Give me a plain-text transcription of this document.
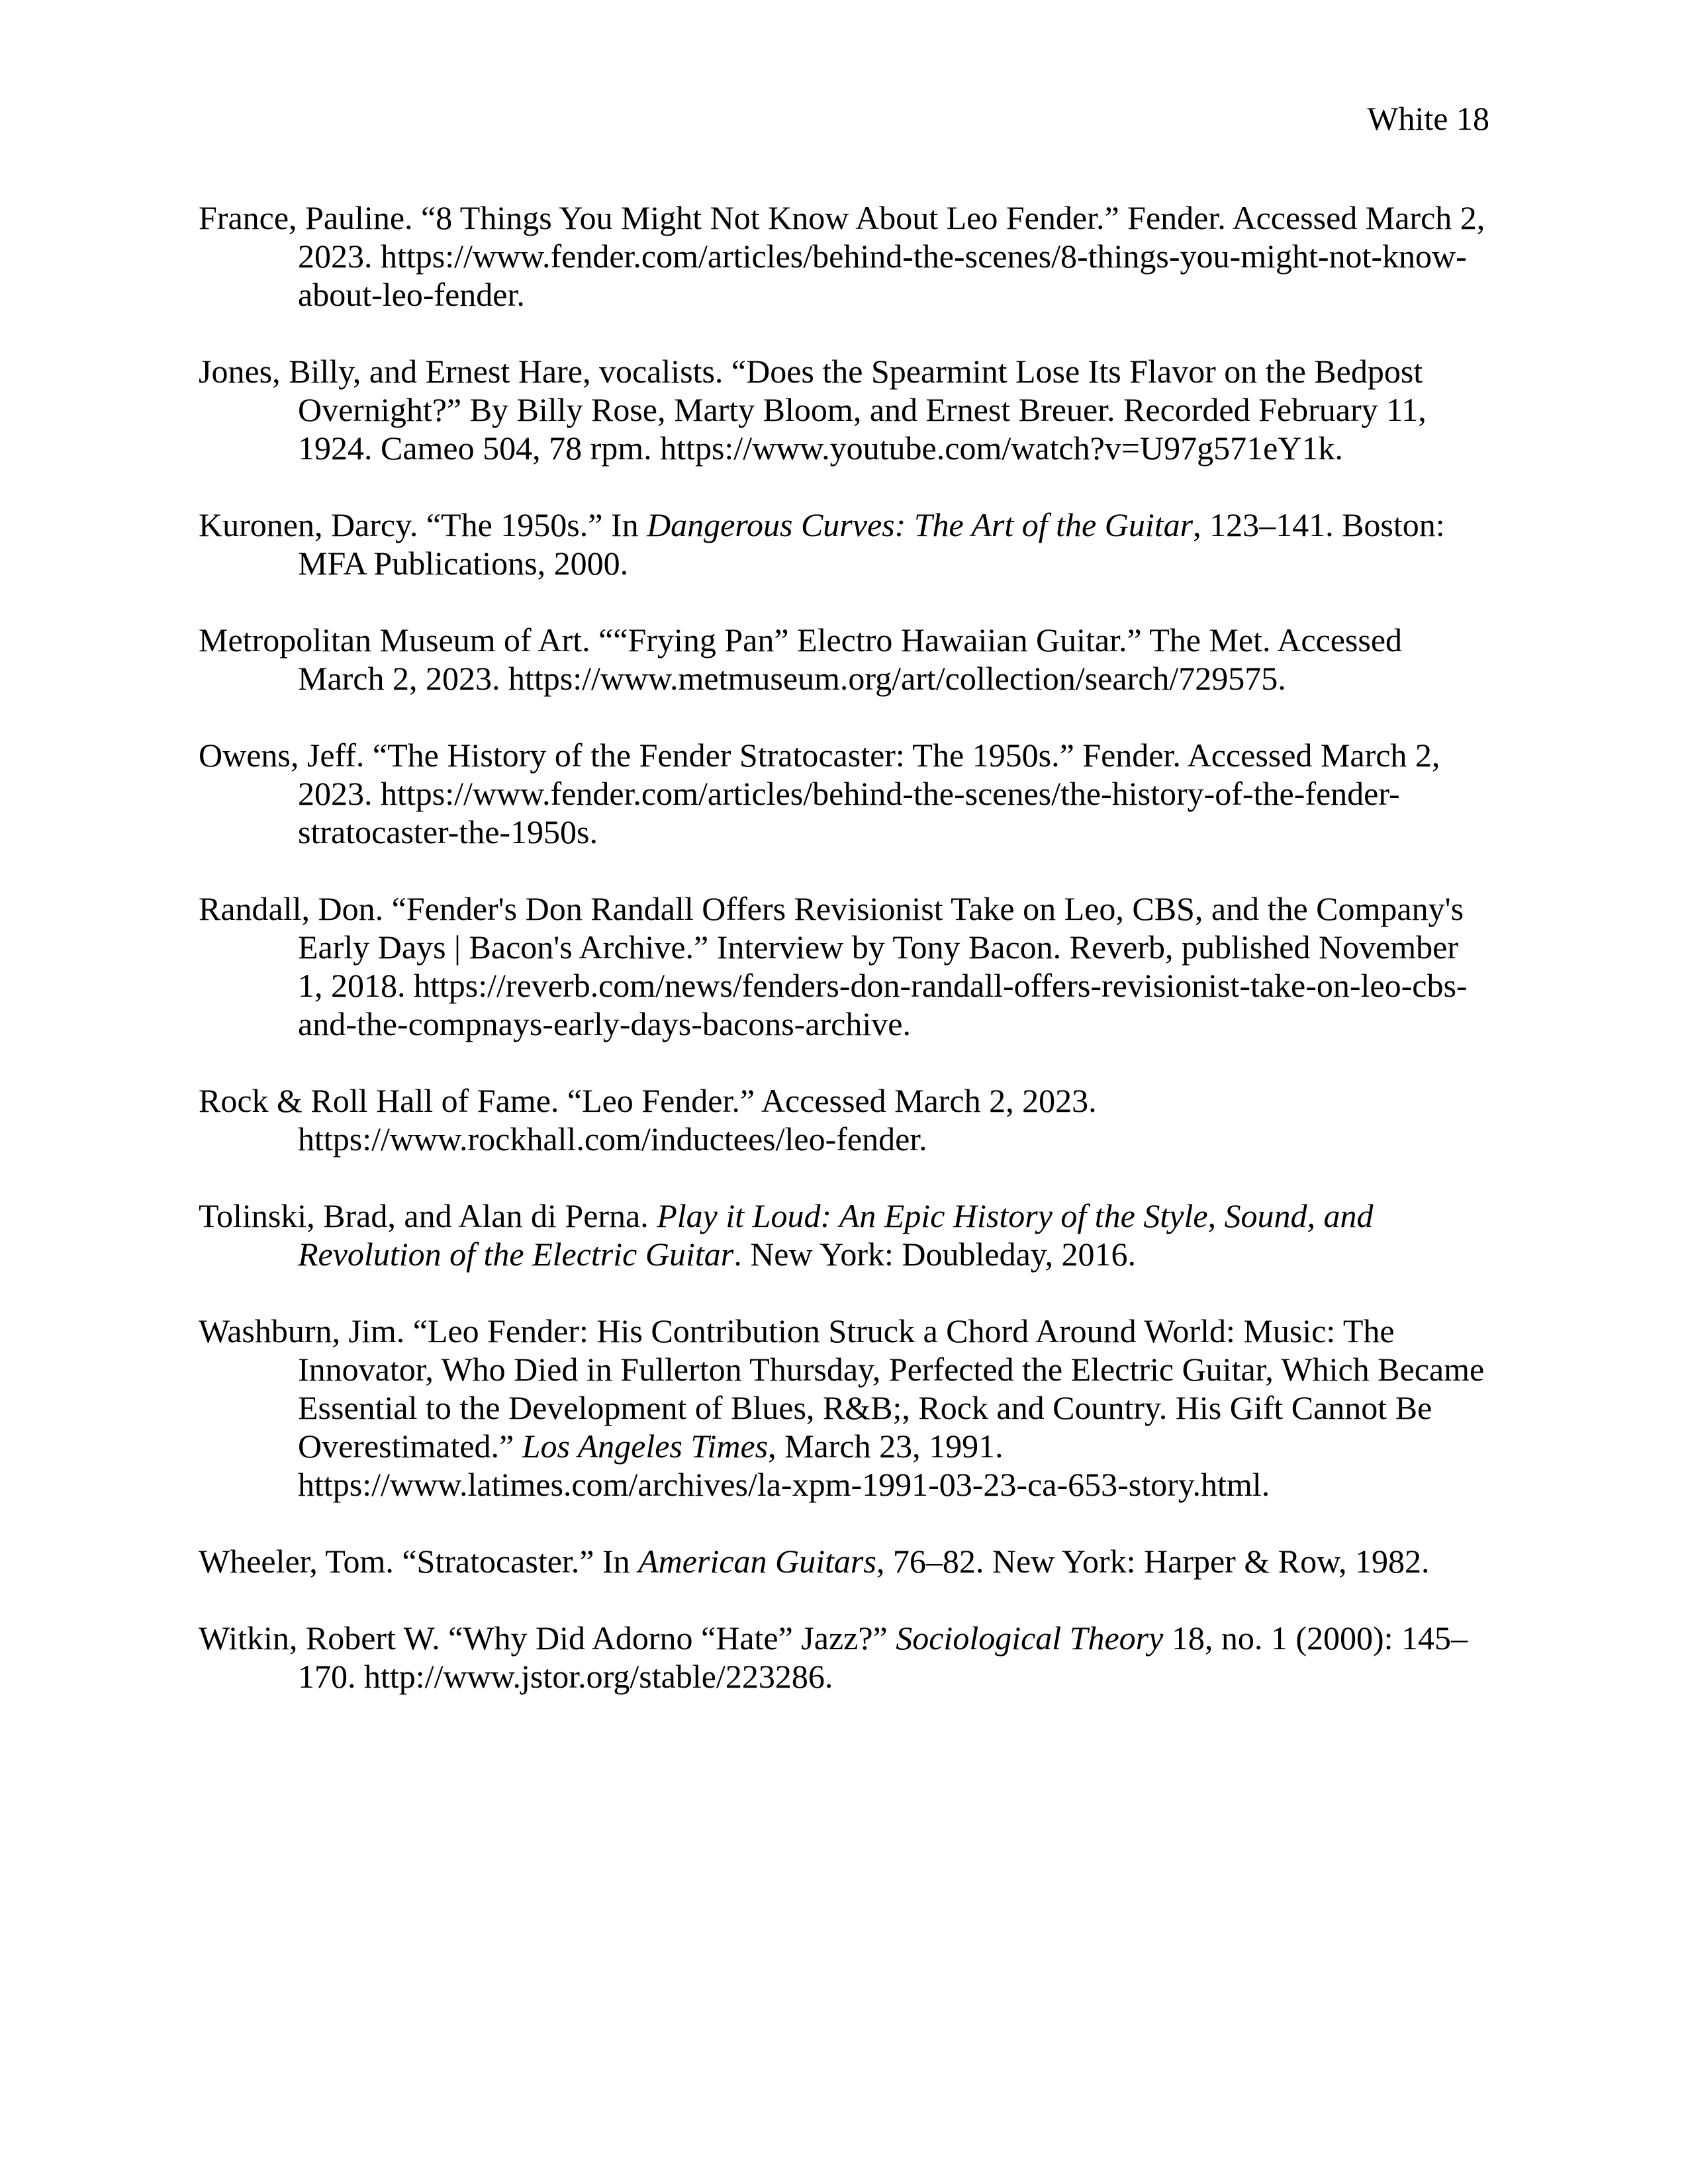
White 18

France, Pauline. “8 Things You Might Not Know About Leo Fender.” Fender. Accessed March 2, 2023. https://www.fender.com/articles/behind-the-scenes/8-things-you-might-not-know-about-leo-fender.

Jones, Billy, and Ernest Hare, vocalists. “Does the Spearmint Lose Its Flavor on the Bedpost Overnight?” By Billy Rose, Marty Bloom, and Ernest Breuer. Recorded February 11, 1924. Cameo 504, 78 rpm. https://www.youtube.com/watch?v=U97g571eY1k.

Kuronen, Darcy. “The 1950s.” In Dangerous Curves: The Art of the Guitar, 123–141. Boston: MFA Publications, 2000.

Metropolitan Museum of Art. ““Frying Pan” Electro Hawaiian Guitar.” The Met. Accessed March 2, 2023. https://www.metmuseum.org/art/collection/search/729575.

Owens, Jeff. “The History of the Fender Stratocaster: The 1950s.” Fender. Accessed March 2, 2023. https://www.fender.com/articles/behind-the-scenes/the-history-of-the-fender-stratocaster-the-1950s.

Randall, Don. “Fender's Don Randall Offers Revisionist Take on Leo, CBS, and the Company's Early Days | Bacon's Archive.” Interview by Tony Bacon. Reverb, published November 1, 2018. https://reverb.com/news/fenders-don-randall-offers-revisionist-take-on-leo-cbs-and-the-compnays-early-days-bacons-archive.

Rock & Roll Hall of Fame. “Leo Fender.” Accessed March 2, 2023. https://www.rockhall.com/inductees/leo-fender.

Tolinski, Brad, and Alan di Perna. Play it Loud: An Epic History of the Style, Sound, and Revolution of the Electric Guitar. New York: Doubleday, 2016.

Washburn, Jim. “Leo Fender: His Contribution Struck a Chord Around World: Music: The Innovator, Who Died in Fullerton Thursday, Perfected the Electric Guitar, Which Became Essential to the Development of Blues, R&B;, Rock and Country. His Gift Cannot Be Overestimated.” Los Angeles Times, March 23, 1991. https://www.latimes.com/archives/la-xpm-1991-03-23-ca-653-story.html.

Wheeler, Tom. “Stratocaster.” In American Guitars, 76–82. New York: Harper & Row, 1982.

Witkin, Robert W. “Why Did Adorno “Hate” Jazz?” Sociological Theory 18, no. 1 (2000): 145–170. http://www.jstor.org/stable/223286.
